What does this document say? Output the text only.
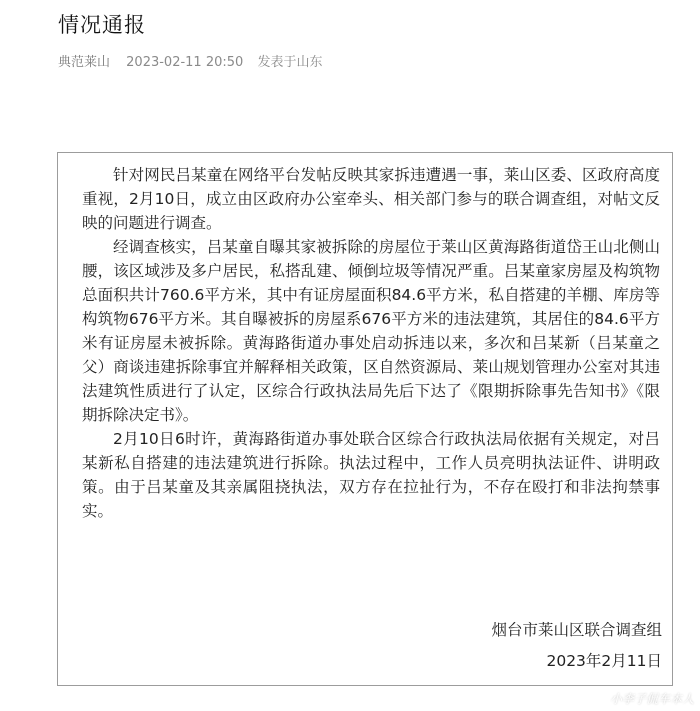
情况通报
典范莱山 2023-02-11 20:50 发表于山东

针对网民吕某童在网络平台发帖反映其家拆违遭遇一事，莱山区委、区政府高度重视，2月10日，成立由区政府办公室牵头、相关部门参与的联合调查组，对帖文反映的问题进行调查。

经调查核实，吕某童自曝其家被拆除的房屋位于莱山区黄海路街道岱王山北侧山腰，该区域涉及多户居民，私搭乱建、倾倒垃圾等情况严重。吕某童家房屋及构筑物总面积共计760.6平方米，其中有证房屋面积84.6平方米，私自搭建的羊棚、库房等构筑物676平方米。其自曝被拆的房屋系676平方米的违法建筑，其居住的84.6平方米有证房屋未被拆除。黄海路街道办事处启动拆违以来，多次和吕某新（吕某童之父）商谈违建拆除事宜并解释相关政策，区自然资源局、莱山规划管理办公室对其违法建筑性质进行了认定，区综合行政执法局先后下达了《限期拆除事先告知书》《限期拆除决定书》。

2月10日6时许，黄海路街道办事处联合区综合行政执法局依据有关规定，对吕某新私自搭建的违法建筑进行拆除。执法过程中，工作人员亮明执法证件、讲明政策。由于吕某童及其亲属阻挠执法，双方存在拉扯行为，不存在殴打和非法拘禁事实。

烟台市莱山区联合调查组
2023年2月11日
小李子侃车本人
